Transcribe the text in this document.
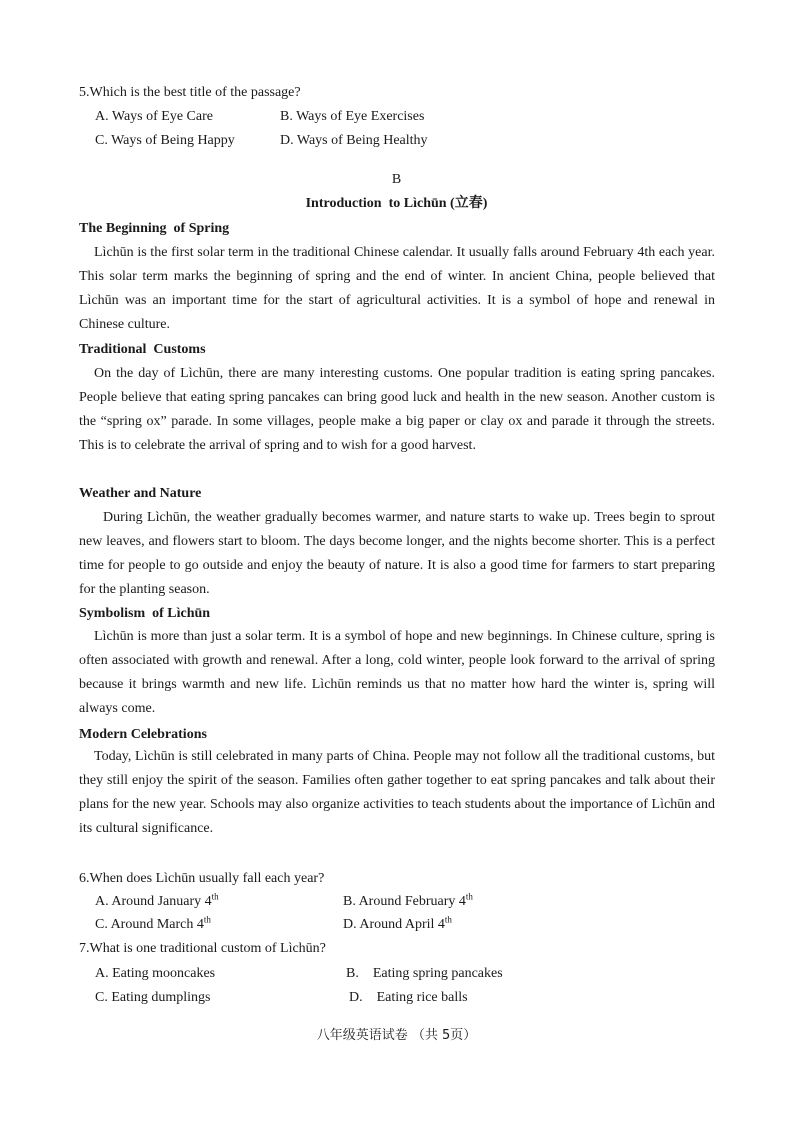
5.Which is the best title of the passage?
A. Ways of Eye Care	B. Ways of Eye Exercises
C. Ways of Being Happy	D. Ways of Being Healthy
B
Introduction  to Lìchūn (立春)
The Beginning  of Spring
Lìchūn is the first solar term in the traditional Chinese calendar. It usually falls around February 4th each year. This solar term marks the beginning of spring and the end of winter. In ancient China, people believed that Lìchūn was an important time for the start of agricultural activities. It is a symbol of hope and renewal in Chinese culture.
Traditional  Customs
On the day of Lìchūn, there are many interesting customs. One popular tradition is eating spring pancakes. People believe that eating spring pancakes can bring good luck and health in the new season. Another custom is the “spring ox” parade. In some villages, people make a big paper or clay ox and parade it through the streets. This is to celebrate the arrival of spring and to wish for a good harvest.
Weather and Nature
During Lìchūn, the weather gradually becomes warmer, and nature starts to wake up. Trees begin to sprout new leaves, and flowers start to bloom. The days become longer, and the nights become shorter. This is a perfect time for people to go outside and enjoy the beauty of nature. It is also a good time for farmers to start preparing for the planting season.
Symbolism  of Lìchūn
Lìchūn is more than just a solar term. It is a symbol of hope and new beginnings. In Chinese culture, spring is often associated with growth and renewal. After a long, cold winter, people look forward to the arrival of spring because it brings warmth and new life. Lìchūn reminds us that no matter how hard the winter is, spring will always come.
Modern Celebrations
Today, Lìchūn is still celebrated in many parts of China. People may not follow all the traditional customs, but they still enjoy the spirit of the season. Families often gather together to eat spring pancakes and talk about their plans for the new year. Schools may also organize activities to teach students about the importance of Lìchūn and its cultural significance.
6.When does Lìchūn usually fall each year?
A. Around January 4th	B. Around February 4th
C. Around March 4th	D. Around April 4th
7.What is one traditional custom of Lìchūn?
A. Eating mooncakes	B.    Eating spring pancakes
C. Eating dumplings	D.    Eating rice balls
八年级英语试卷 （共 5页）
